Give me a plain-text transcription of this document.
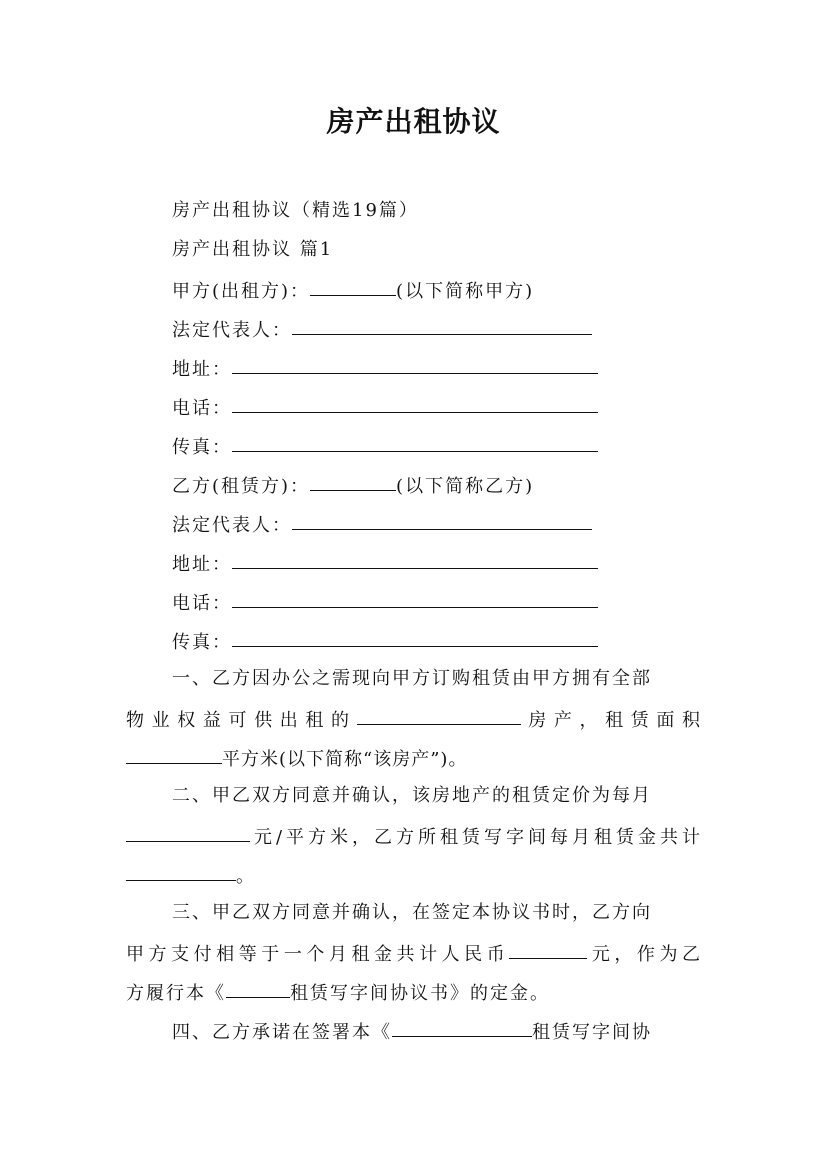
房产出租协议
房产出租协议（精选19篇）
房产出租协议 篇1
甲方(出租方)：	(以下简称甲方)
法定代表人：
地址：
电话：
传真：
乙方(租赁方)：	(以下简称乙方)
法定代表人：
地址：
电话：
传真：
一、乙方因办公之需现向甲方订购租赁由甲方拥有全部
物业权益可供出租的	房产，租赁面积
平方米(以下简称“该房产”)。
二、甲乙双方同意并确认，该房地产的租赁定价为每月
元/平方米，乙方所租赁写字间每月租赁金共计
。
三、甲乙双方同意并确认，在签定本协议书时，乙方向
甲方支付相等于一个月租金共计人民币	元，作为乙
方履行本《	租赁写字间协议书》的定金。
四、乙方承诺在签署本《	租赁写字间协
